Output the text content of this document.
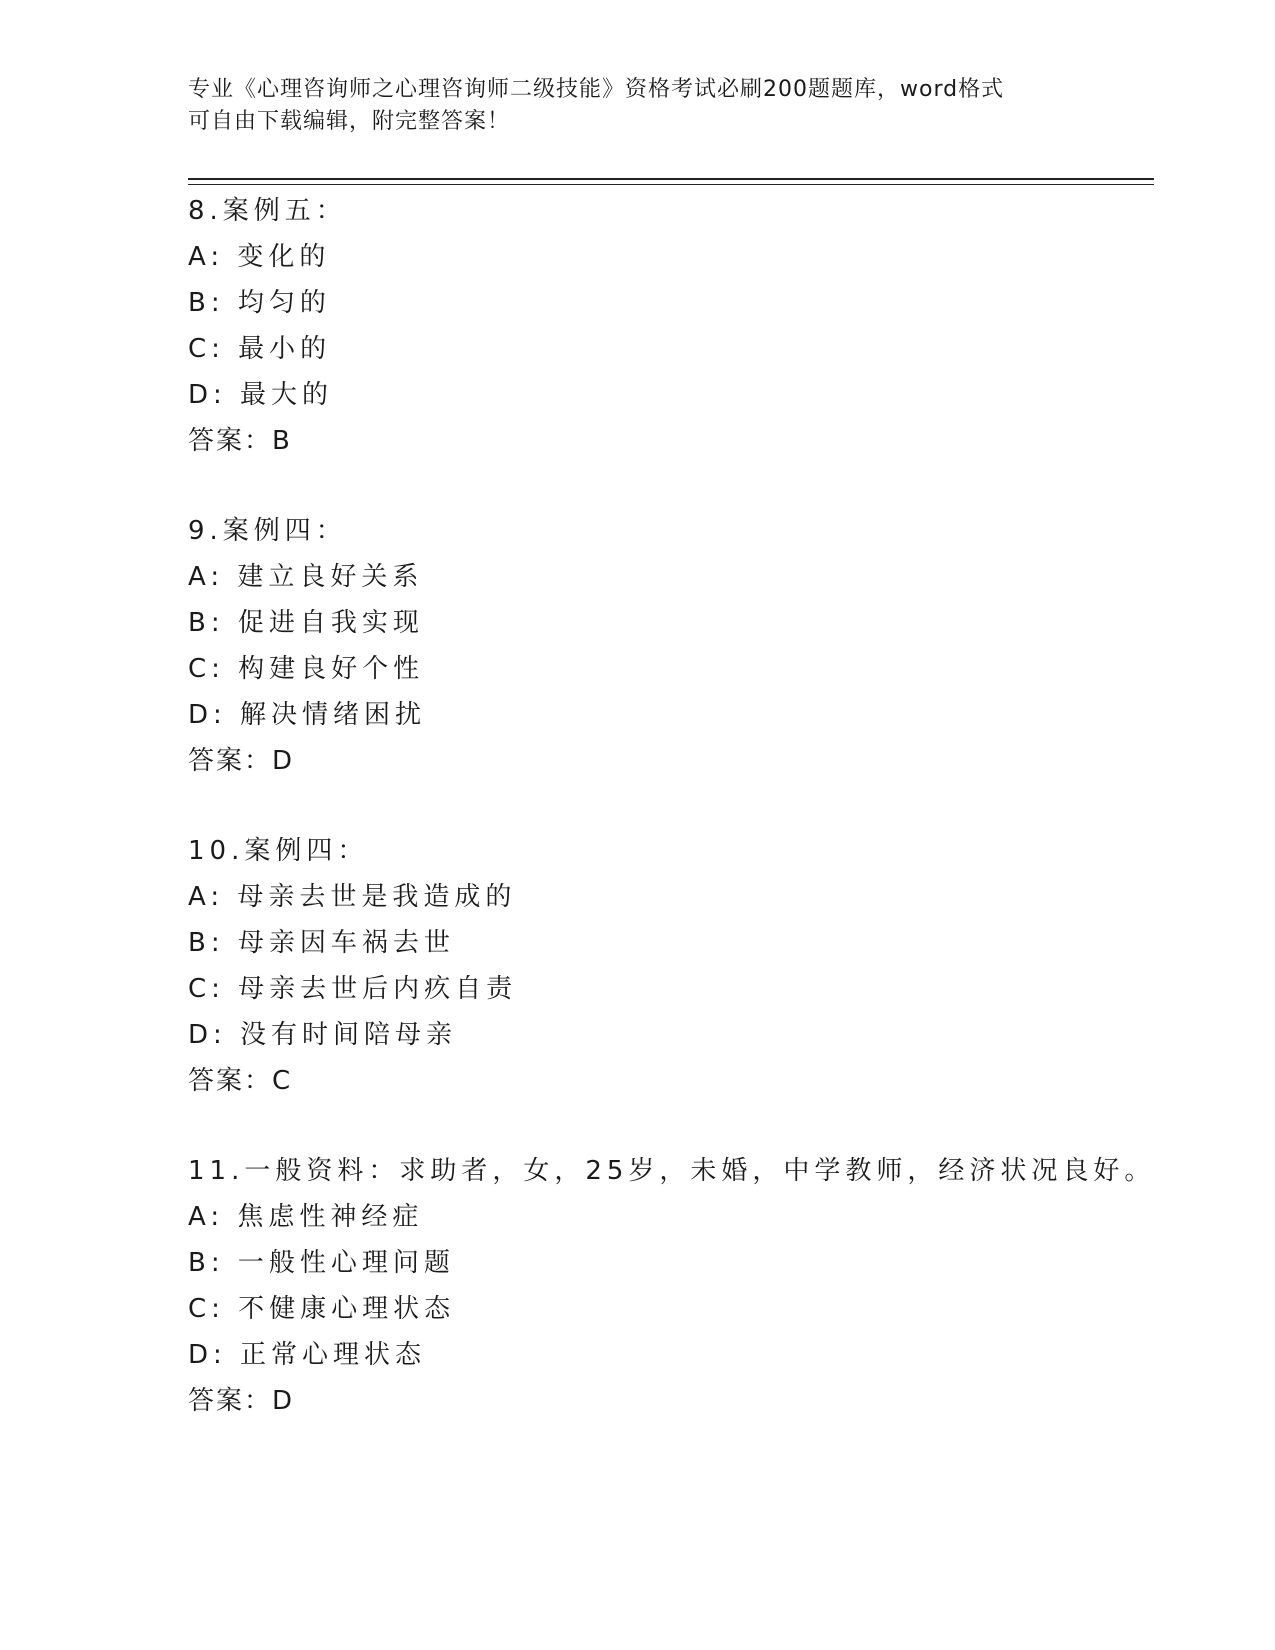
专业《心理咨询师之心理咨询师二级技能》资格考试必刷200题题库，word格式
可自由下载编辑，附完整答案！
8.案例五：
A: 变化的
B: 均匀的
C: 最小的
D: 最大的
答案：B
9.案例四：
A: 建立良好关系
B: 促进自我实现
C: 构建良好个性
D: 解决情绪困扰
答案：D
10.案例四：
A: 母亲去世是我造成的
B: 母亲因车祸去世
C: 母亲去世后内疚自责
D: 没有时间陪母亲
答案：C
11.一般资料：求助者，女，25岁，未婚，中学教师，经济状况良好。
A: 焦虑性神经症
B: 一般性心理问题
C: 不健康心理状态
D: 正常心理状态
答案：D
